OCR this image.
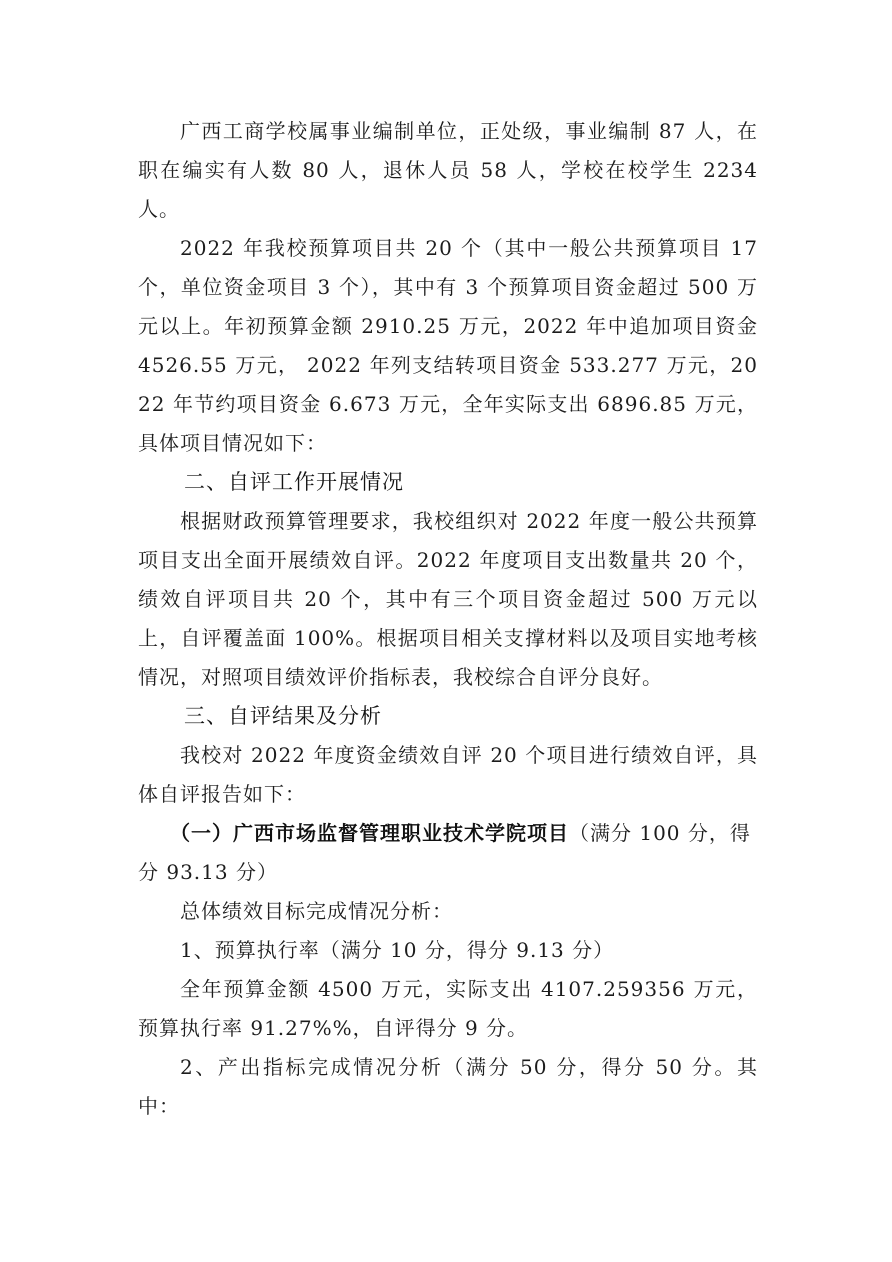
广西工商学校属事业编制单位，正处级，事业编制 87 人，在职在编实有人数 80 人，退休人员 58 人，学校在校学生 2234 人。

2022 年我校预算项目共 20 个（其中一般公共预算项目 17 个，单位资金项目 3 个），其中有 3 个预算项目资金超过 500 万元以上。年初预算金额 2910.25 万元，2022 年中追加项目资金 4526.55 万元， 2022 年列支结转项目资金 533.277 万元，2022 年节约项目资金 6.673 万元，全年实际支出 6896.85 万元，具体项目情况如下：

二、自评工作开展情况

根据财政预算管理要求，我校组织对 2022 年度一般公共预算项目支出全面开展绩效自评。2022 年度项目支出数量共 20 个，绩效自评项目共 20 个，其中有三个项目资金超过 500 万元以上，自评覆盖面 100%。根据项目相关支撑材料以及项目实地考核情况，对照项目绩效评价指标表，我校综合自评分良好。

三、自评结果及分析

我校对 2022 年度资金绩效自评 20 个项目进行绩效自评，具体自评报告如下：

（一）广西市场监督管理职业技术学院项目（满分 100 分，得分 93.13 分）

总体绩效目标完成情况分析：

1、预算执行率（满分 10 分，得分 9.13 分）

全年预算金额 4500 万元，实际支出 4107.259356 万元，预算执行率 91.27%%，自评得分 9 分。

2、产出指标完成情况分析（满分 50 分，得分 50 分。其中：
